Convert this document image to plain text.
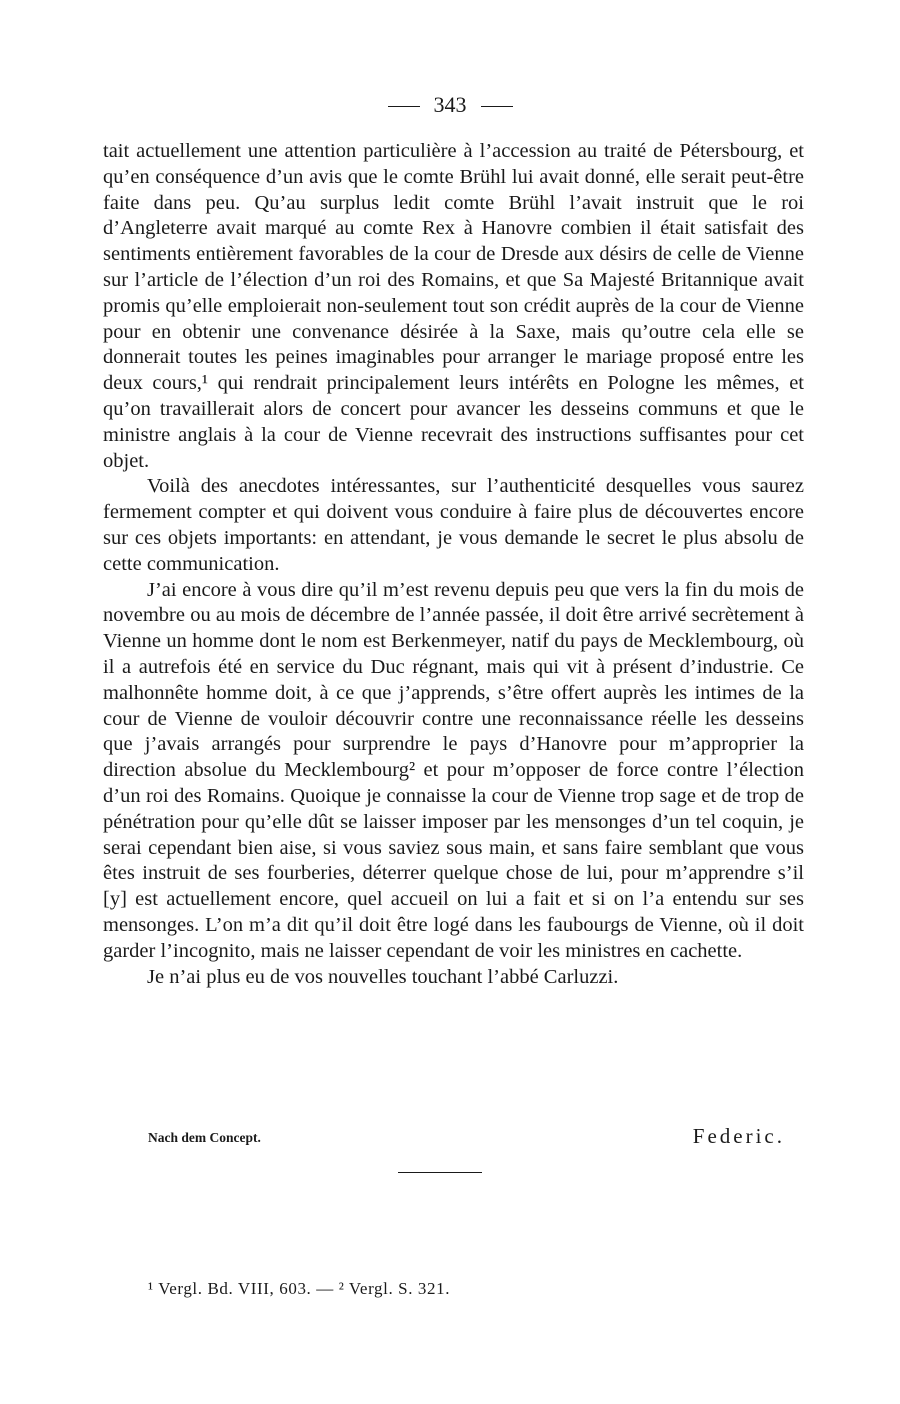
343

tait actuellement une attention particulière à l’accession au traité de Pétersbourg, et qu’en conséquence d’un avis que le comte Brühl lui avait donné, elle serait peut-être faite dans peu. Qu’au surplus ledit comte Brühl l’avait instruit que le roi d’Angleterre avait marqué au comte Rex à Hanovre combien il était satisfait des sentiments entièrement favorables de la cour de Dresde aux désirs de celle de Vienne sur l’article de l’élection d’un roi des Romains, et que Sa Majesté Britannique avait promis qu’elle emploierait non-seulement tout son crédit auprès de la cour de Vienne pour en obtenir une convenance désirée à la Saxe, mais qu’outre cela elle se donnerait toutes les peines imaginables pour arranger le mariage proposé entre les deux cours,¹ qui rendrait principalement leurs intérêts en Pologne les mêmes, et qu’on travaillerait alors de concert pour avancer les desseins communs et que le ministre anglais à la cour de Vienne recevrait des instructions suffisantes pour cet objet.

Voilà des anecdotes intéressantes, sur l’authenticité desquelles vous saurez fermement compter et qui doivent vous conduire à faire plus de découvertes encore sur ces objets importants: en attendant, je vous demande le secret le plus absolu de cette communication.

J’ai encore à vous dire qu’il m’est revenu depuis peu que vers la fin du mois de novembre ou au mois de décembre de l’année passée, il doit être arrivé secrètement à Vienne un homme dont le nom est Berkenmeyer, natif du pays de Mecklembourg, où il a autrefois été en service du Duc régnant, mais qui vit à présent d’industrie. Ce malhonnête homme doit, à ce que j’apprends, s’être offert auprès les intimes de la cour de Vienne de vouloir découvrir contre une reconnaissance réelle les desseins que j’avais arrangés pour surprendre le pays d’Hanovre pour m’approprier la direction absolue du Mecklembourg² et pour m’opposer de force contre l’élection d’un roi des Romains. Quoique je connaisse la cour de Vienne trop sage et de trop de pénétration pour qu’elle dût se laisser imposer par les mensonges d’un tel coquin, je serai cependant bien aise, si vous saviez sous main, et sans faire semblant que vous êtes instruit de ses fourberies, déterrer quelque chose de lui, pour m’apprendre s’il [y] est actuellement encore, quel accueil on lui a fait et si on l’a entendu sur ses mensonges. L’on m’a dit qu’il doit être logé dans les faubourgs de Vienne, où il doit garder l’incognito, mais ne laisser cependant de voir les ministres en cachette.

Je n’ai plus eu de vos nouvelles touchant l’abbé Carluzzi.

Nach dem Concept.	Federic.
¹ Vergl. Bd. VIII, 603. — ² Vergl. S. 321.
